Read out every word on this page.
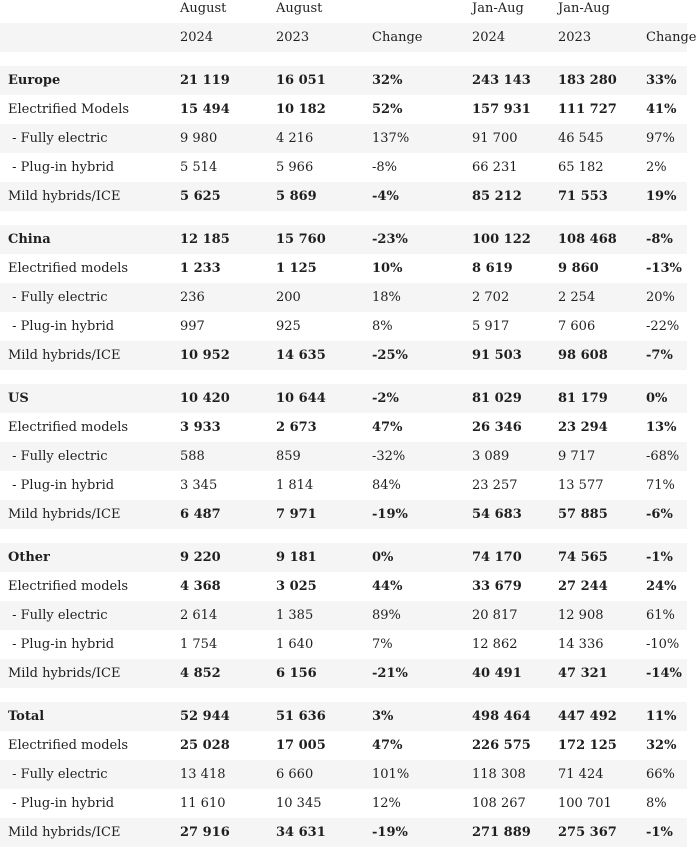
	August	August		Jan-Aug	Jan-Aug	
	2024	2023	Change	2024	2023	Change

Europe	21 119	16 051	32%	243 143	183 280	33%
Electrified Models	15 494	10 182	52%	157 931	111 727	41%
- Fully electric	9 980	4 216	137%	91 700	46 545	97%
- Plug-in hybrid	5 514	5 966	-8%	66 231	65 182	2%
Mild hybrids/ICE	5 625	5 869	-4%	85 212	71 553	19%

China	12 185	15 760	-23%	100 122	108 468	-8%
Electrified models	1 233	1 125	10%	8 619	9 860	-13%
- Fully electric	236	200	18%	2 702	2 254	20%
- Plug-in hybrid	997	925	8%	5 917	7 606	-22%
Mild hybrids/ICE	10 952	14 635	-25%	91 503	98 608	-7%

US	10 420	10 644	-2%	81 029	81 179	0%
Electrified models	3 933	2 673	47%	26 346	23 294	13%
- Fully electric	588	859	-32%	3 089	9 717	-68%
- Plug-in hybrid	3 345	1 814	84%	23 257	13 577	71%
Mild hybrids/ICE	6 487	7 971	-19%	54 683	57 885	-6%

Other	9 220	9 181	0%	74 170	74 565	-1%
Electrified models	4 368	3 025	44%	33 679	27 244	24%
- Fully electric	2 614	1 385	89%	20 817	12 908	61%
- Plug-in hybrid	1 754	1 640	7%	12 862	14 336	-10%
Mild hybrids/ICE	4 852	6 156	-21%	40 491	47 321	-14%

Total	52 944	51 636	3%	498 464	447 492	11%
Electrified models	25 028	17 005	47%	226 575	172 125	32%
- Fully electric	13 418	6 660	101%	118 308	71 424	66%
- Plug-in hybrid	11 610	10 345	12%	108 267	100 701	8%
Mild hybrids/ICE	27 916	34 631	-19%	271 889	275 367	-1%
